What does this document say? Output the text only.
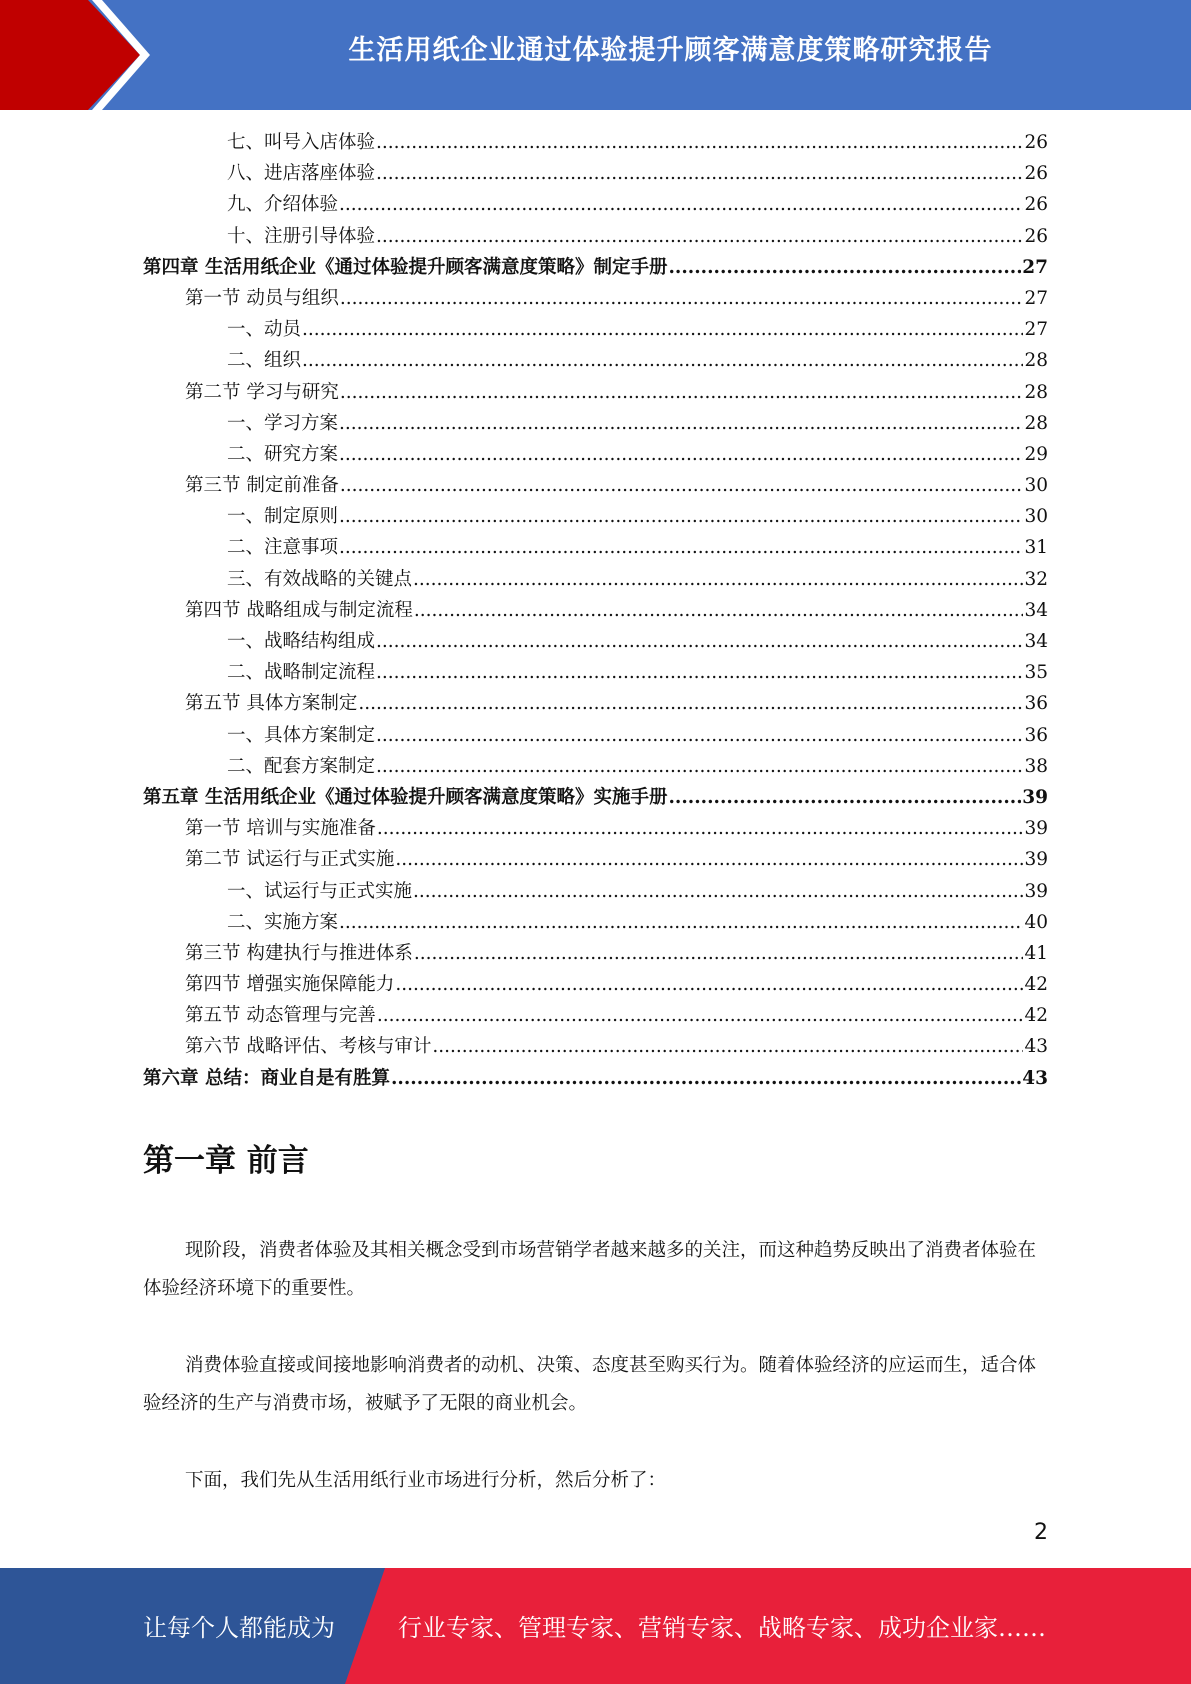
生活用纸企业通过体验提升顾客满意度策略研究报告
七、叫号入店体验 .....	26
八、进店落座体验 .....	26
九、介绍体验 .....	26
十、注册引导体验 .....	26
第四章 生活用纸企业《通过体验提升顾客满意度策略》制定手册 .....	27
第一节 动员与组织 .....	27
一、动员 .....	27
二、组织 .....	28
第二节 学习与研究 .....	28
一、学习方案 .....	28
二、研究方案 .....	29
第三节 制定前准备 .....	30
一、制定原则 .....	30
二、注意事项 .....	31
三、有效战略的关键点 .....	32
第四节 战略组成与制定流程 .....	34
一、战略结构组成 .....	34
二、战略制定流程 .....	35
第五节 具体方案制定 .....	36
一、具体方案制定 .....	36
二、配套方案制定 .....	38
第五章 生活用纸企业《通过体验提升顾客满意度策略》实施手册 .....	39
第一节 培训与实施准备 .....	39
第二节 试运行与正式实施 .....	39
一、试运行与正式实施 .....	39
二、实施方案 .....	40
第三节 构建执行与推进体系 .....	41
第四节 增强实施保障能力 .....	42
第五节 动态管理与完善 .....	42
第六节 战略评估、考核与审计 .....	43
第六章 总结：商业自是有胜算 .....	43
第一章 前言
现阶段，消费者体验及其相关概念受到市场营销学者越来越多的关注，而这种趋势反映出了消费者体验在体验经济环境下的重要性。
消费体验直接或间接地影响消费者的动机、决策、态度甚至购买行为。随着体验经济的应运而生，适合体验经济的生产与消费市场，被赋予了无限的商业机会。
下面，我们先从生活用纸行业市场进行分析，然后分析了：
2
让每个人都能成为	行业专家、管理专家、营销专家、战略专家、成功企业家……
